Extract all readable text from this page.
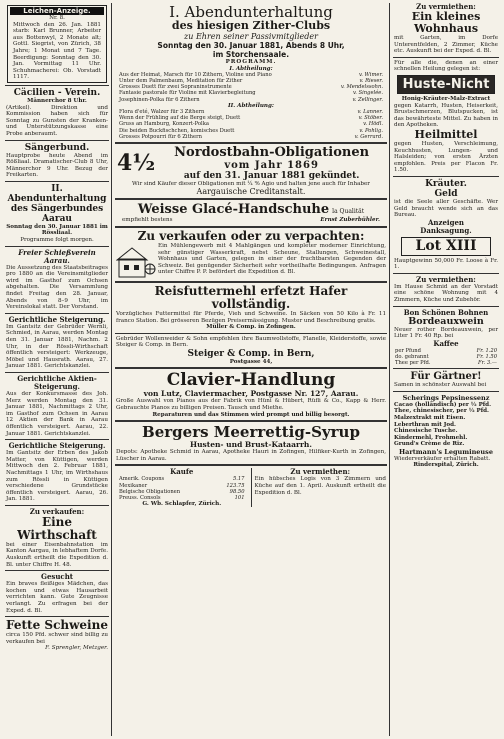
Leichen-Anzeige.
Nr. 8.
Mittwoch den 26. Jan. 1881 starb: Karl Brunner, Arbeiter aus Bottenwyl, 2 Monate alt; Gottl. Siegrist, von Zürich, 38 Jahre; 1 Monat und 7 Tage. Beerdigung: Sonntag den 30. Jan. Vormittag 11 Uhr. Schuhmacherei: Ob. Vorstadt 1117.
Cäcilien - Verein.
Männerchor 8 Uhr.
(Artikel). Direktion und Kommission haben sich für Sonntag zu Gunsten der Kranken- und Unterstützungskasse eine Probe anberaumt.
Sängerbund.
Hauptprobe heute Abend im Rößliaal. Dramatischer-Club 8 Uhr, Männerchor 9 Uhr. Bezug der Freikarten.
II. Abendunterhaltung des Sängerbundes Aarau
Sonntag den 30. Januar 1881 im Rössliaal.
Programme folgt morgen.
Freier Schießverein Aarau.
Die Aussetzung des Staatsbeitrages pro 1880 an die Vereinsmitglieder wird im Gasthof zum Ochsen abgehalten. Die Versammlung findet Freitag den 28. Januar, Abends von 8–9 Uhr, im Vereinslokal statt. Der Vorstand.
Gerichtliche Steigerung.
Im Gantsitz der Gebrüder Wernli, Schmied, in Aarau, werden Montag den 31. Januar 1881, Nachm. 2 Uhr, in der Rössli-Wirthschaft öffentlich versteigert: Werkzeuge, Möbel und Hausrath. Aarau, 27. Januar 1881. Gerichtskanzlei.
Gerichtliche Aktien-Steigerung.
Aus der Konkursmasse des Joh. Merz werden Montag den 31. Januar 1881, Nachmittags 2 Uhr, im Gasthof zum Ochsen in Aarau 12 Aktien der Bank in Aarau öffentlich versteigert. Aarau, 22. Januar 1881. Gerichtskanzlei.
Gerichtliche Steigerung.
Im Gantsitz der Erben des Jakob Matter, von Küttigen, werden Mittwoch den 2. Februar 1881, Nachmittags 1 Uhr, im Wirthshaus zum Rössli in Küttigen verschiedene Grundstücke öffentlich versteigert. Aarau, 26. Jan. 1881.
Zu verkaufen:
Eine Wirthschaft
bei einer Eisenbahnstation im Kanton Aargau, in lebhaftem Dorfe. Auskunft ertheilt die Expedition d. Bl. unter Chiffre H. 48.
Gesucht
Ein braves fleißiges Mädchen, das kochen und etwas Hausarbeit verrichten kann. Gute Zeugnisse verlangt. Zu erfragen bei der Exped. d. Bl.
Fette Schweine
circa 150 Pfd. schwer sind billig zu verkaufen bei
F. Sprengler, Metzger.
I. Abendunterhaltung
des hiesigen Zither-Clubs
zu Ehren seiner Passivmitglieder
Sonntag den 30. Januar 1881, Abends 8 Uhr,
im Storchensaale.
PROGRAMM.
I. Abtheilung:
Aus der Heimat, Marsch für 10 Zithern, Violine und Piano	v. Wimer.
Unter dem Palmenbaum, Meditation für Zither	v. Rieser.
Grosses Duett für zwei Sopraninstrumente	v. Mendelssohn.
Fantasie pastorale für Violine mit Klavierbegleitung	v. Singelée.
Josephinen-Polka für 6 Zithern	v. Zellinger.
II. Abtheilung:
Flora d'eté, Walzer für 3 Zithern	v. Lanner.
Wenn der Frühling auf die Berge steigt, Duett	v. Stöber.
Gruss an Hamburg, Konzert-Polka	v. Hödl.
Die beiden Buckfischchen, komisches Duett	v. Pohlig.
Grosses Potpourri für 6 Zithern	v. Gerrard.
4½	Nordostbahn-Obligationen
vom Jahr 1869
auf den 31. Januar 1881 gekündet.
Wir sind Käufer dieser Obligationen mit ¼ % Agio und halten jene auch für Inhaber
Aargauische Creditanstalt.
Weisse Glacé-Handschuhe la Qualität
empfiehlt bestens	Ernst Zuberbühler.
Zu verkaufen oder zu verpachten:
Ein Mühlengewerb mit 4 Mahlgängen und kompleter moderner Einrichtung, sehr günstiger Wasserkraft, nebst Scheune, Stallungen, Schweinestall, Wohnhaus und Garten, gelegen in einer der fruchtbarsten Gegenden der Schweiz. Bei genügender Sicherheit sehr vortheilhafte Bedingungen. Anfragen unter Chiffre P. P. befördert die Expedition d. Bl.
Reisfuttermehl erfetzt Hafer vollständig.
Vorzügliches Futtermittel für Pferde, Vieh und Schweine. In Säcken von 50 Kilo à Fr. 11 franco Station. Bei grösseren Bezügen Preisermässigung. Muster und Beschreibung gratis.
Müller & Comp. in Zofingen.
Gebrüder Wollenweider & Sohn empfehlen ihre Baumwollstoffe, Flanelle, Kleiderstoffe, sowie Steiger & Comp. in Bern.
Steiger & Comp. in Bern,
Postgasse 44,
Clavier-Handlung
von Lutz, Claviermacher, Postgasse Nr. 127, Aarau.
Große Auswahl von Pianos aus der Fabrik von Hüni & Hübert, Rüfli & Co., Kapp & Herr. Gebrauchte Pianos zu billigen Preisen. Tausch und Miethe.
Reparaturen und das Stimmen wird prompt und billig besorgt.
Bergers Meerrettig-Syrup
Husten- und Brust-Kataarrh.
Depots: Apotheke Schmid in Aarau, Apotheke Hauri in Zofingen, Hilfiker-Kurth in Zofingen, Lüscher in Aarau.
Kaufe
Amerik. Coupons	5.17
Mexikaner	123.75
Belgische Obligationen	98.50
Preuss. Consols	101
G. Wb. Schlapfer, Zürich.
Zu vermiethen:
Ein hübsches Logis von 3 Zimmern und Küche auf den 1. April. Auskunft ertheilt die Expedition d. Bl.
Zu vermiethen:
Ein kleines Wohnhaus
mit Garten, im Dorfe Unterentfelden, 2 Zimmer, Küche etc. Auskunft bei der Exped. d. Bl.
Für alle die, denen an einer schnellen Heilung gelegen ist:
Huste-Nicht
Honig-Kräuter-Malz-Extract
gegen Katarrh, Husten, Heiserkeit, Brustschmerzen, Blutspucken, ist das bewährteste Mittel. Zu haben in den Apotheken.
Heilmittel
gegen Husten, Verschleimung, Keuchhusten, Lungen- und Halsleiden; von ersten Ärzten empfohlen. Preis per Flacon Fr. 1.50.
Kräuter.
Geld
ist die Seele aller Geschäfte. Wer Geld braucht wende sich an das Bureau.
Anzeigen
Danksagung.
Lot XIII
Hauptgewinn 50,000 Fr. Loose à Fr. 1.
Zu vermiethen:
Im Hause Schmid an der Vorstadt eine schöne Wohnung mit 4 Zimmern, Küche und Zubehör.
Bon Schönen Bohnen
Bordeauxwein
Neuer rother Bordeauxwein, per Liter 1 Fr. 40 Rp. bei
Kaffee
per Pfund	Fr. 1.20
do. gebrannt	Fr. 1.50
Thee per Pfd.	Fr. 3.—
Für Gärtner!
Samen in schönster Auswahl bei
Scherings Pepsinessenz
Cacao (holländisch) per ½ Pfd.
Thee, chinesischer, per ½ Pfd.
Malzextrakt mit Eisen.
Leberthran mit Jod.
Chinesische Tusche.
Kindermehl, Frohmehl.
Grund's Crème de Riz.
Hartmann's Legumineuse
Wiederverkäufer erhalten Rabatt.
Rinderspital, Zürich.
